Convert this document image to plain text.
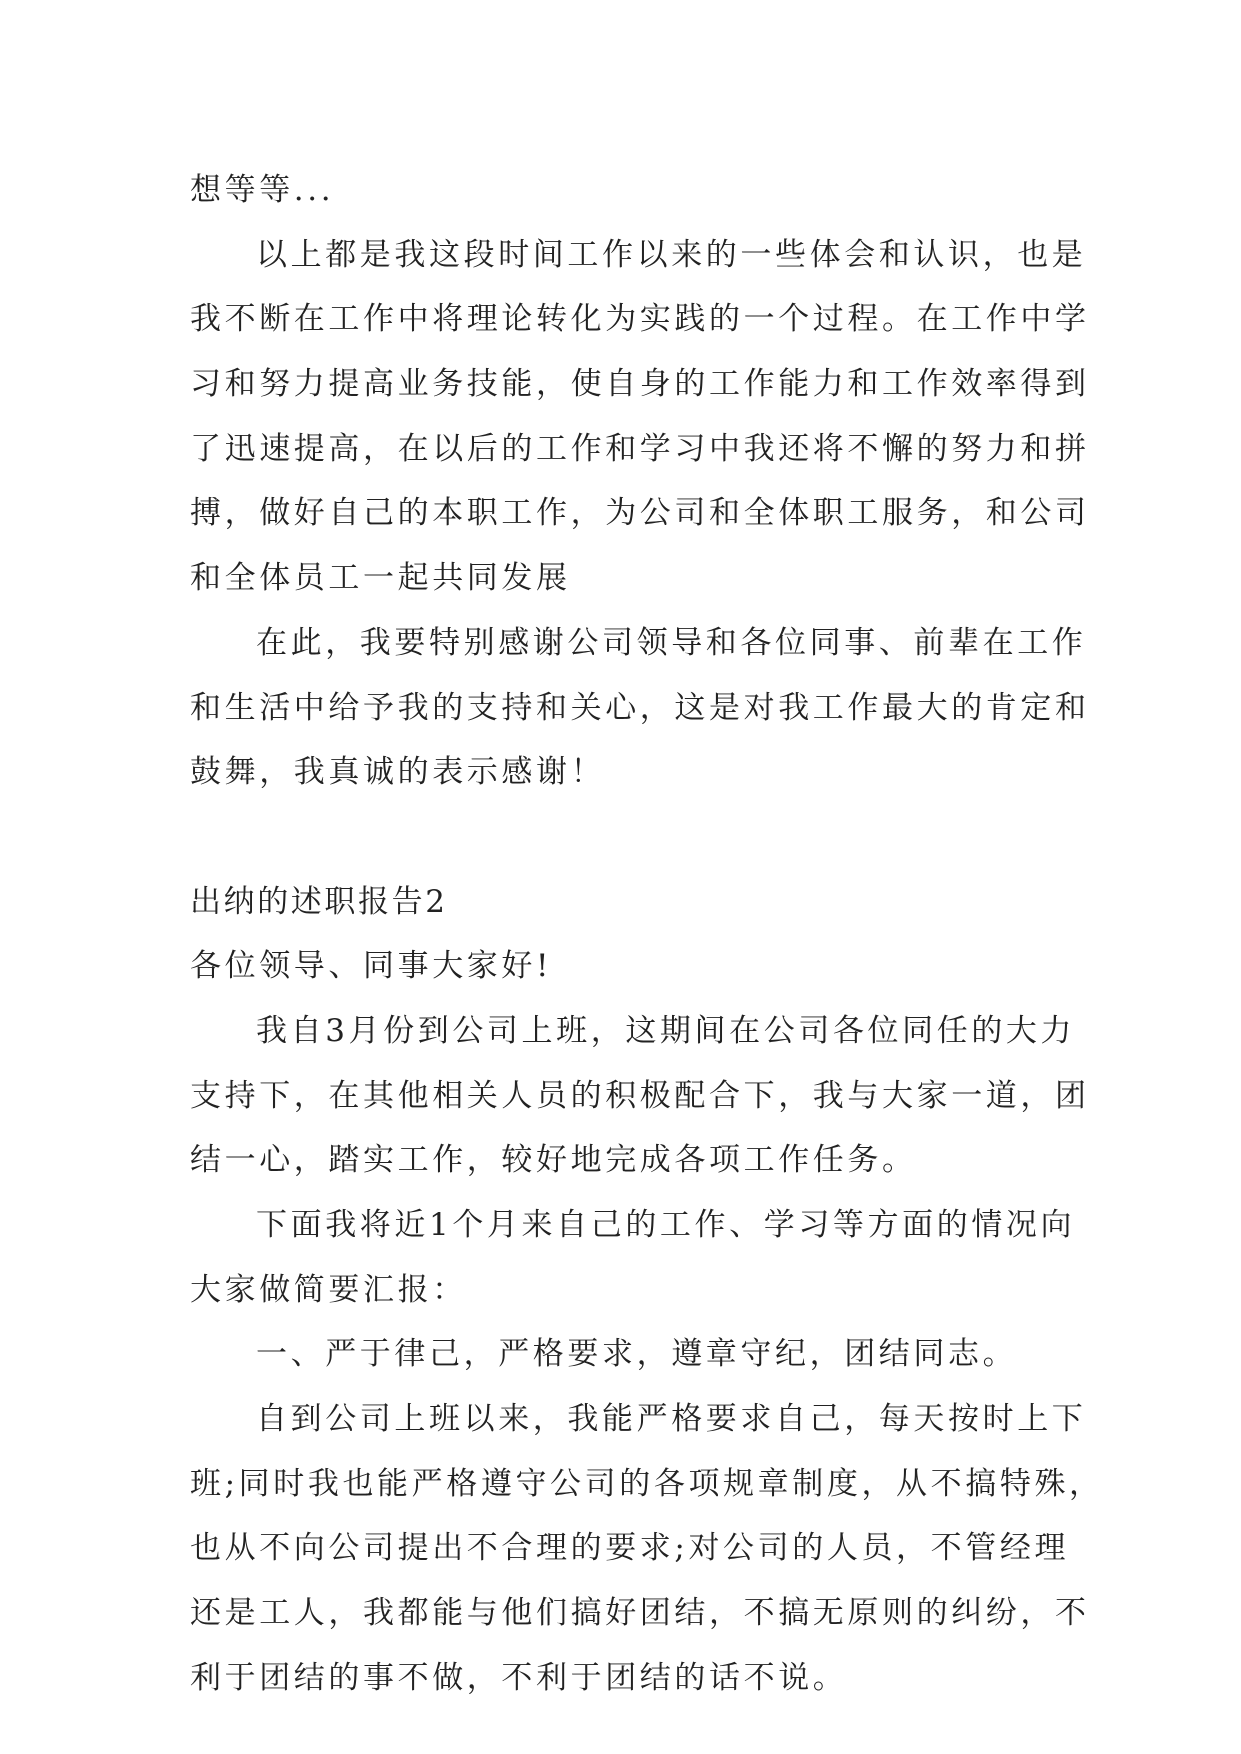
想等等...
以上都是我这段时间工作以来的一些体会和认识，也是
我不断在工作中将理论转化为实践的一个过程。在工作中学
习和努力提高业务技能，使自身的工作能力和工作效率得到
了迅速提高，在以后的工作和学习中我还将不懈的努力和拼
搏，做好自己的本职工作，为公司和全体职工服务，和公司
和全体员工一起共同发展
在此，我要特别感谢公司领导和各位同事、前辈在工作
和生活中给予我的支持和关心，这是对我工作最大的肯定和
鼓舞，我真诚的表示感谢！
出纳的述职报告2
各位领导、同事大家好!
我自3月份到公司上班，这期间在公司各位同任的大力
支持下，在其他相关人员的积极配合下，我与大家一道，团
结一心，踏实工作，较好地完成各项工作任务。
下面我将近1个月来自己的工作、学习等方面的情况向
大家做简要汇报：
一、严于律己，严格要求，遵章守纪，团结同志。
自到公司上班以来，我能严格要求自己，每天按时上下
班;同时我也能严格遵守公司的各项规章制度，从不搞特殊，
也从不向公司提出不合理的要求;对公司的人员，不管经理
还是工人，我都能与他们搞好团结，不搞无原则的纠纷，不
利于团结的事不做，不利于团结的话不说。
